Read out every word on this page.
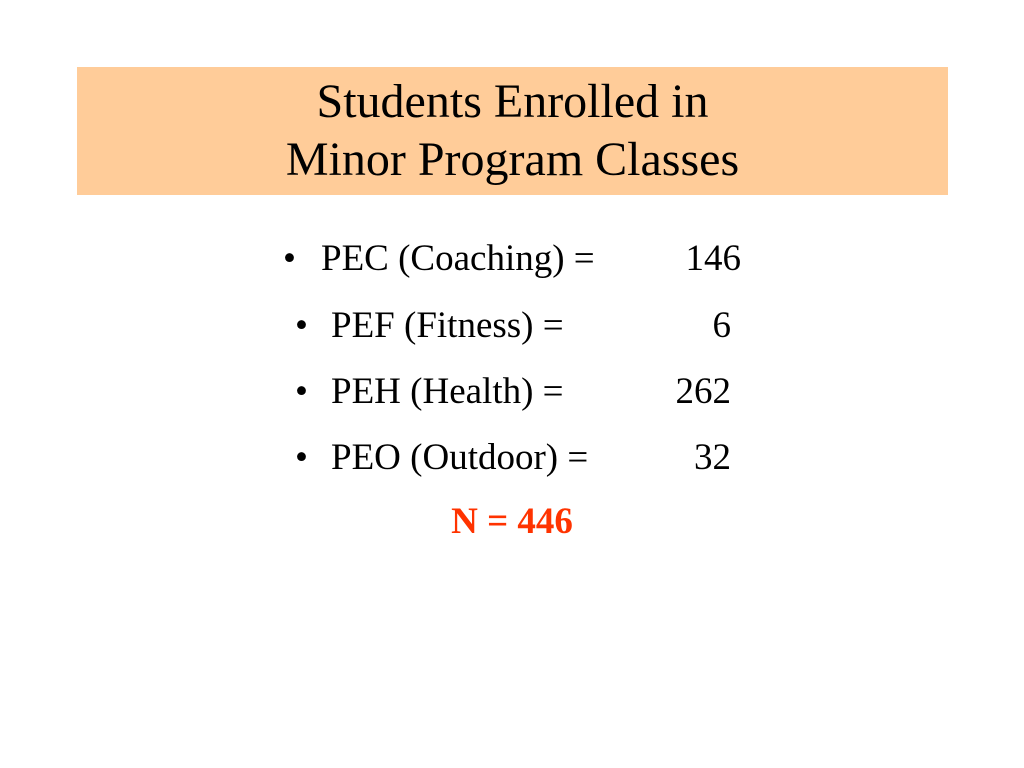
Students Enrolled in
Minor Program Classes
• PEC (Coaching) = 146
• PEF (Fitness) =	6
• PEH (Health) =	262
• PEO (Outdoor) =	32
N = 446
